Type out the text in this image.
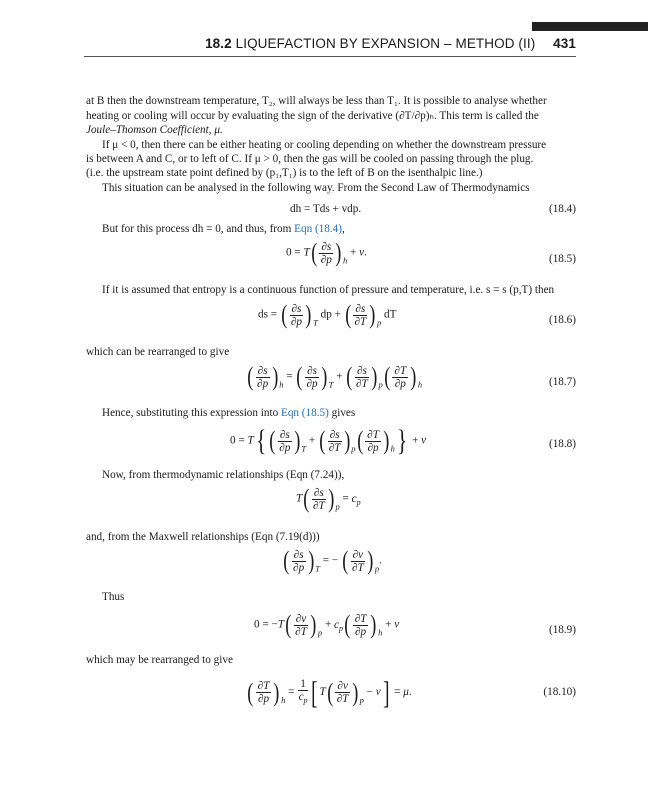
18.2 LIQUEFACTION BY EXPANSION – METHOD (II) 431
at B then the downstream temperature, T₂, will always be less than T₁. It is possible to analyse whether
heating or cooling will occur by evaluating the sign of the derivative (∂T/∂p)ₕ. This term is called the
Joule–Thomson Coefficient, μ.
If μ < 0, then there can be either heating or cooling depending on whether the downstream pressure
is between A and C, or to left of C. If μ > 0, then the gas will be cooled on passing through the plug.
(i.e. the upstream state point defined by (p₁,T₁) is to the left of B on the isenthalpic line.)
This situation can be analysed in the following way. From the Second Law of Thermodynamics
dh = Tds + vdp.	(18.4)
But for this process dh = 0, and thus, from Eqn (18.4),
$0 = T( \frac{\partial s}{\partial p} )_h + v$.
(18.5)
If it is assumed that entropy is a continuous function of pressure and temperature, i.e. s = s (p,T) then
ds = ( $\frac{\partial s}{\partial p} )_T$ dp + ( $\frac{\partial s}{\partial T} )_p$ dT	(18.6)
which can be rearranged to give
( $\frac{\partial s}{\partial p} )_h$ = ( $\frac{\partial s}{\partial p} )_T$ + ( $\frac{\partial s}{\partial T} )_p( \frac{\partial T}{\partial p} )_h$	(18.7)
Hence, substituting this expression into Eqn (18.5) gives
0 = T{ ( $\frac{\partial s}{\partial p} )_T$ + ( $\frac{\partial s}{\partial T} )_p( \frac{\partial T}{\partial p} )_h\} + v$	(18.8)
Now, from thermodynamic relationships (Eqn (7.24)),
$T( \frac{\partial s}{\partial T} )_p = c_p$
and, from the Maxwell relationships (Eqn (7.19(d)))
( $\frac{\partial s}{\partial p} )_T$ = − ( $\frac{\partial v}{\partial T} )_p$.
Thus
$0 = -T( \frac{\partial v}{\partial T} )_p + c_p( \frac{\partial T}{\partial p} )_h + v$	(18.9)
which may be rearranged to give
( $\frac{\partial T}{\partial p} )_h = \frac{1}{c_p}$ [ $T( \frac{\partial v}{\partial T} )_p - v] = \mu$.	(18.10)
